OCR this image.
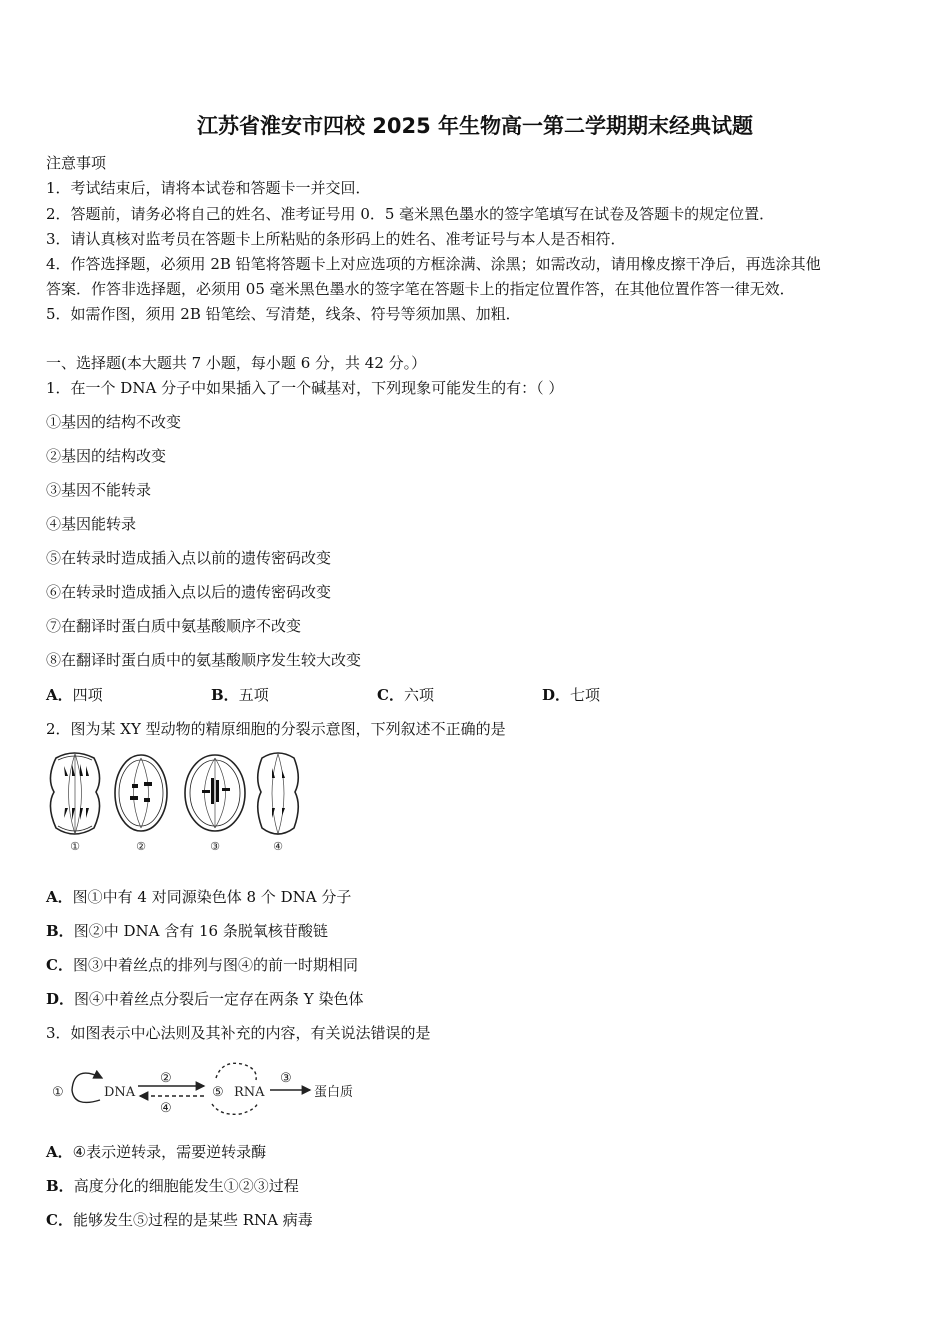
江苏省淮安市四校 2025 年生物高一第二学期期末经典试题
注意事项
1．考试结束后，请将本试卷和答题卡一并交回．
2．答题前，请务必将自己的姓名、准考证号用 0．5 毫米黑色墨水的签字笔填写在试卷及答题卡的规定位置．
3．请认真核对监考员在答题卡上所粘贴的条形码上的姓名、准考证号与本人是否相符．
4．作答选择题，必须用 2B 铅笔将答题卡上对应选项的方框涂满、涂黑；如需改动，请用橡皮擦干净后，再选涂其他
答案．作答非选择题，必须用 05 毫米黑色墨水的签字笔在答题卡上的指定位置作答，在其他位置作答一律无效．
5．如需作图，须用 2B 铅笔绘、写清楚，线条、符号等须加黑、加粗．
一、选择题(本大题共 7 小题，每小题 6 分，共 42 分。）
1．在一个 DNA 分子中如果插入了一个碱基对，下列现象可能发生的有：（ ）
①基因的结构不改变
②基因的结构改变
③基因不能转录
④基因能转录
⑤在转录时造成插入点以前的遗传密码改变
⑥在转录时造成插入点以后的遗传密码改变
⑦在翻译时蛋白质中氨基酸顺序不改变
⑧在翻译时蛋白质中的氨基酸顺序发生较大改变
A．四项	B．五项	C．六项	D．七项
2．图为某 XY 型动物的精原细胞的分裂示意图，下列叙述不正确的是
①	②	③	④
A．图①中有 4 对同源染色体 8 个 DNA 分子
B．图②中 DNA 含有 16 条脱氧核苷酸链
C．图③中着丝点的排列与图④的前一时期相同
D．图④中着丝点分裂后一定存在两条 Y 染色体
3．如图表示中心法则及其补充的内容，有关说法错误的是
①	DNA
②
④
⑤ RNA
③
蛋白质
A．④表示逆转录，需要逆转录酶
B．高度分化的细胞能发生①②③过程
C．能够发生⑤过程的是某些 RNA 病毒
